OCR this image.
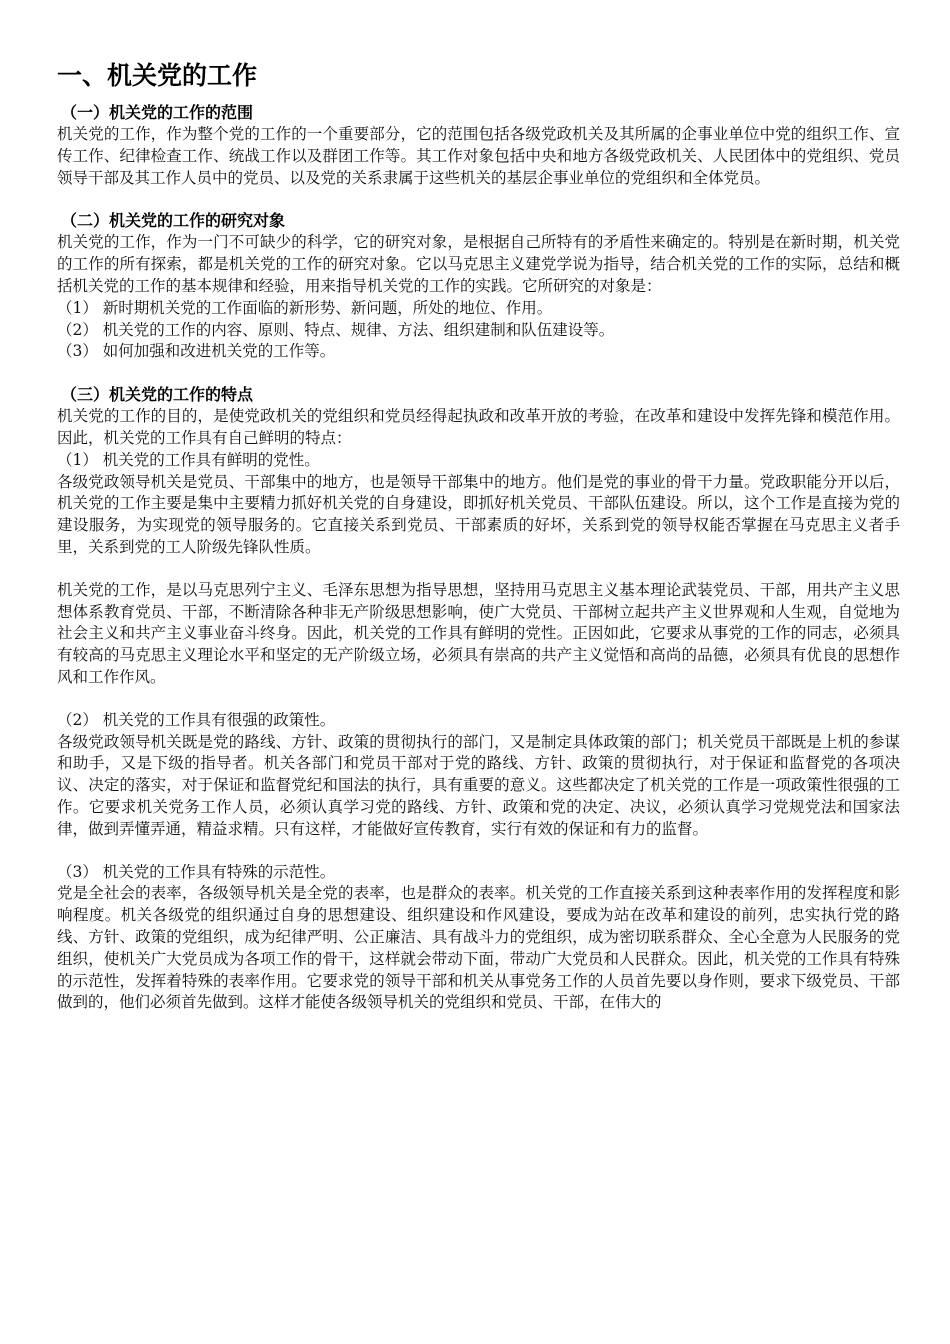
一、机关党的工作
（一）机关党的工作的范围

机关党的工作，作为整个党的工作的一个重要部分，它的范围包括各级党政机关及其所属的企事业单位中党的组织工作、宣传工作、纪律检查工作、统战工作以及群团工作等。其工作对象包括中央和地方各级党政机关、人民团体中的党组织、党员领导干部及其工作人员中的党员、以及党的关系隶属于这些机关的基层企事业单位的党组织和全体党员。

（二）机关党的工作的研究对象

机关党的工作，作为一门不可缺少的科学，它的研究对象，是根据自己所特有的矛盾性来确定的。特别是在新时期，机关党的工作的所有探索，都是机关党的工作的研究对象。它以马克思主义建党学说为指导，结合机关党的工作的实际，总结和概括机关党的工作的基本规律和经验，用来指导机关党的工作的实践。它所研究的对象是：

（1） 新时期机关党的工作面临的新形势、新问题，所处的地位、作用。

（2） 机关党的工作的内容、原则、特点、规律、方法、组织建制和队伍建设等。

（3） 如何加强和改进机关党的工作等。

（三）机关党的工作的特点

机关党的工作的目的，是使党政机关的党组织和党员经得起执政和改革开放的考验，在改革和建设中发挥先锋和模范作用。因此，机关党的工作具有自己鲜明的特点：

（1） 机关党的工作具有鲜明的党性。

各级党政领导机关是党员、干部集中的地方，也是领导干部集中的地方。他们是党的事业的骨干力量。党政职能分开以后，机关党的工作主要是集中主要精力抓好机关党的自身建设，即抓好机关党员、干部队伍建设。所以，这个工作是直接为党的建设服务，为实现党的领导服务的。它直接关系到党员、干部素质的好坏，关系到党的领导权能否掌握在马克思主义者手里，关系到党的工人阶级先锋队性质。

机关党的工作，是以马克思列宁主义、毛泽东思想为指导思想，坚持用马克思主义基本理论武装党员、干部，用共产主义思想体系教育党员、干部，不断清除各种非无产阶级思想影响，使广大党员、干部树立起共产主义世界观和人生观，自觉地为社会主义和共产主义事业奋斗终身。因此，机关党的工作具有鲜明的党性。正因如此，它要求从事党的工作的同志，必须具有较高的马克思主义理论水平和坚定的无产阶级立场，必须具有崇高的共产主义觉悟和高尚的品德，必须具有优良的思想作风和工作作风。

（2） 机关党的工作具有很强的政策性。

各级党政领导机关既是党的路线、方针、政策的贯彻执行的部门，又是制定具体政策的部门；机关党员干部既是上机的参谋和助手，又是下级的指导者。机关各部门和党员干部对于党的路线、方针、政策的贯彻执行，对于保证和监督党的各项决议、决定的落实，对于保证和监督党纪和国法的执行，具有重要的意义。这些都决定了机关党的工作是一项政策性很强的工作。它要求机关党务工作人员，必须认真学习党的路线、方针、政策和党的决定、决议，必须认真学习党规党法和国家法律，做到弄懂弄通，精益求精。只有这样，才能做好宣传教育，实行有效的保证和有力的监督。

（3） 机关党的工作具有特殊的示范性。

党是全社会的表率，各级领导机关是全党的表率，也是群众的表率。机关党的工作直接关系到这种表率作用的发挥程度和影响程度。机关各级党的组织通过自身的思想建设、组织建设和作风建设，要成为站在改革和建设的前列，忠实执行党的路线、方针、政策的党组织，成为纪律严明、公正廉洁、具有战斗力的党组织，成为密切联系群众、全心全意为人民服务的党组织，使机关广大党员成为各项工作的骨干，这样就会带动下面，带动广大党员和人民群众。因此，机关党的工作具有特殊的示范性，发挥着特殊的表率作用。它要求党的领导干部和机关从事党务工作的人员首先要以身作则，要求下级党员、干部做到的，他们必须首先做到。这样才能使各级领导机关的党组织和党员、干部，在伟大的
